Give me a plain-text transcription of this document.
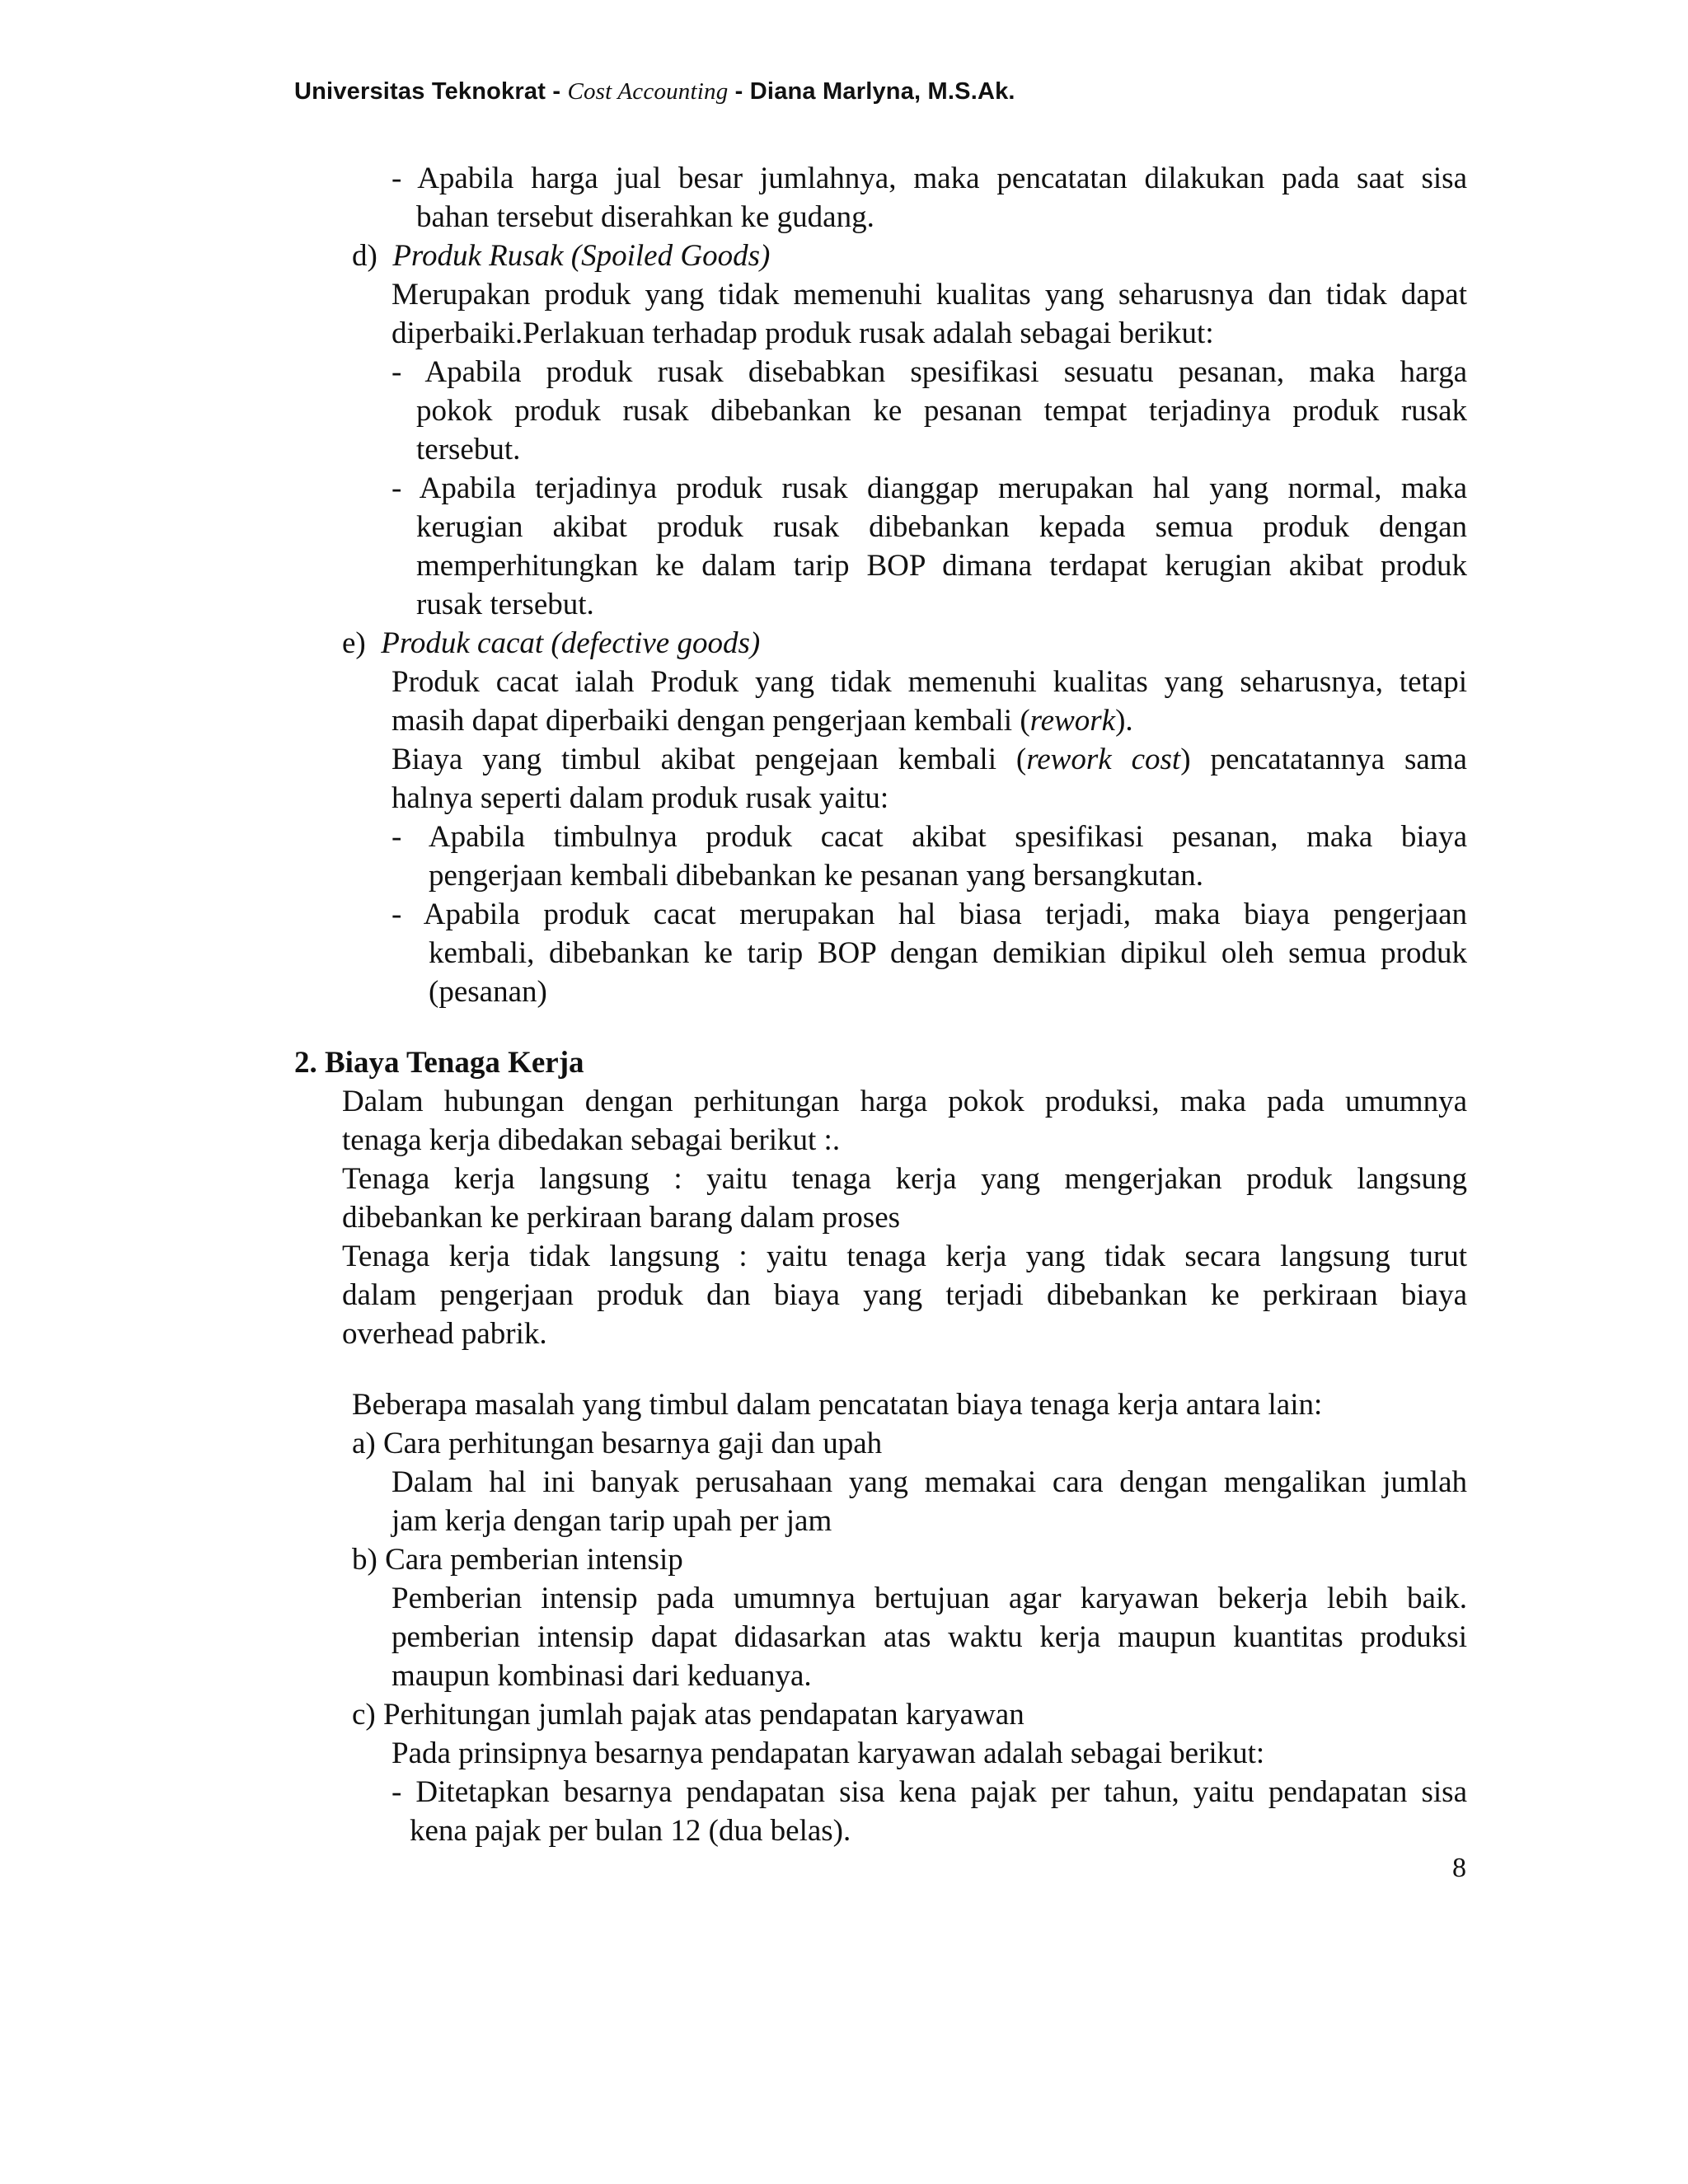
Universitas Teknokrat - Cost Accounting - Diana Marlyna, M.S.Ak.
- Apabila harga jual besar jumlahnya, maka pencatatan dilakukan pada saat sisa
bahan tersebut diserahkan ke gudang.
d) Produk Rusak (Spoiled Goods)
Merupakan produk yang tidak memenuhi kualitas yang seharusnya dan tidak dapat
diperbaiki.Perlakuan terhadap produk rusak adalah sebagai berikut:
- Apabila produk rusak disebabkan spesifikasi sesuatu pesanan, maka harga
pokok produk rusak dibebankan ke pesanan tempat terjadinya produk rusak
tersebut.
- Apabila terjadinya produk rusak dianggap merupakan hal yang normal, maka
kerugian akibat produk rusak dibebankan kepada semua produk dengan
memperhitungkan ke dalam tarip BOP dimana terdapat kerugian akibat produk
rusak tersebut.
e) Produk cacat (defective goods)
Produk cacat ialah Produk yang tidak memenuhi kualitas yang seharusnya, tetapi
masih dapat diperbaiki dengan pengerjaan kembali (rework).
Biaya yang timbul akibat pengejaan kembali (rework cost) pencatatannya sama
halnya seperti dalam produk rusak yaitu:
- Apabila timbulnya produk cacat akibat spesifikasi pesanan, maka biaya
pengerjaan kembali dibebankan ke pesanan yang bersangkutan.
- Apabila produk cacat merupakan hal biasa terjadi, maka biaya pengerjaan
kembali, dibebankan ke tarip BOP dengan demikian dipikul oleh semua produk
(pesanan)
2. Biaya Tenaga Kerja
Dalam hubungan dengan perhitungan harga pokok produksi, maka pada umumnya
tenaga kerja dibedakan sebagai berikut :.
Tenaga kerja langsung : yaitu tenaga kerja yang mengerjakan produk langsung
dibebankan ke perkiraan barang dalam proses
Tenaga kerja tidak langsung : yaitu tenaga kerja yang tidak secara langsung turut
dalam pengerjaan produk dan biaya yang terjadi dibebankan ke perkiraan biaya
overhead pabrik.
Beberapa masalah yang timbul dalam pencatatan biaya tenaga kerja antara lain:
a) Cara perhitungan besarnya gaji dan upah
Dalam hal ini banyak perusahaan yang memakai cara dengan mengalikan jumlah
jam kerja dengan tarip upah per jam
b) Cara pemberian intensip
Pemberian intensip pada umumnya bertujuan agar karyawan bekerja lebih baik.
pemberian intensip dapat didasarkan atas waktu kerja maupun kuantitas produksi
maupun kombinasi dari keduanya.
c) Perhitungan jumlah pajak atas pendapatan karyawan
Pada prinsipnya besarnya pendapatan karyawan adalah sebagai berikut:
- Ditetapkan besarnya pendapatan sisa kena pajak per tahun, yaitu pendapatan sisa
kena pajak per bulan 12 (dua belas).
8
